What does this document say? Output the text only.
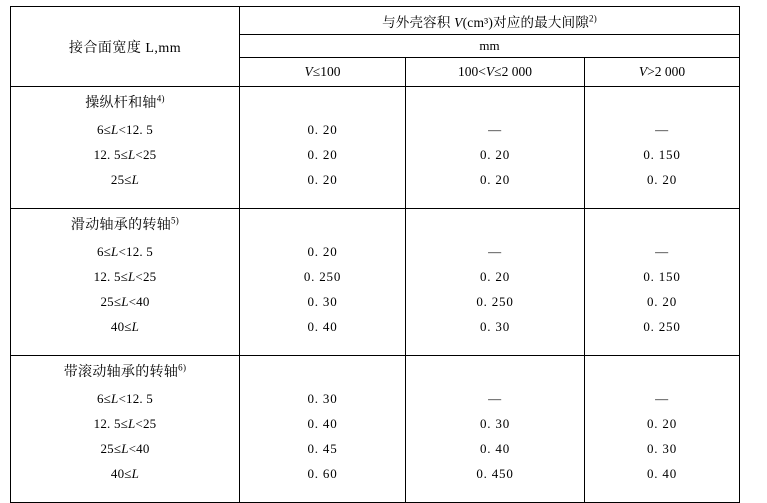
接合面宽度 L,mm	与外壳容积 V(cm³)对应的最大间隙$^{2)}$
	mm		
	V≤100	100<V≤2 000	V>2 000
操纵杆和轴$^{4)}$			
6≤L<12. 5	0. 20	—	—
12. 5≤L<25	0. 20	0. 20	0. 150
25≤L	0. 20	0. 20	0. 20

滑动轴承的转轴$^{5)}$			
6≤L<12. 5	0. 20	—	—
12. 5≤L<25	0. 250	0. 20	0. 150
25≤L<40	0. 30	0. 250	0. 20
40≤L	0. 40	0. 30	0. 250

带滚动轴承的转轴$^{6)}$			
6≤L<12. 5	0. 30	—	—
12. 5≤L<25	0. 40	0. 30	0. 20
25≤L<40	0. 45	0. 40	0. 30
40≤L	0. 60	0. 450	0. 40
